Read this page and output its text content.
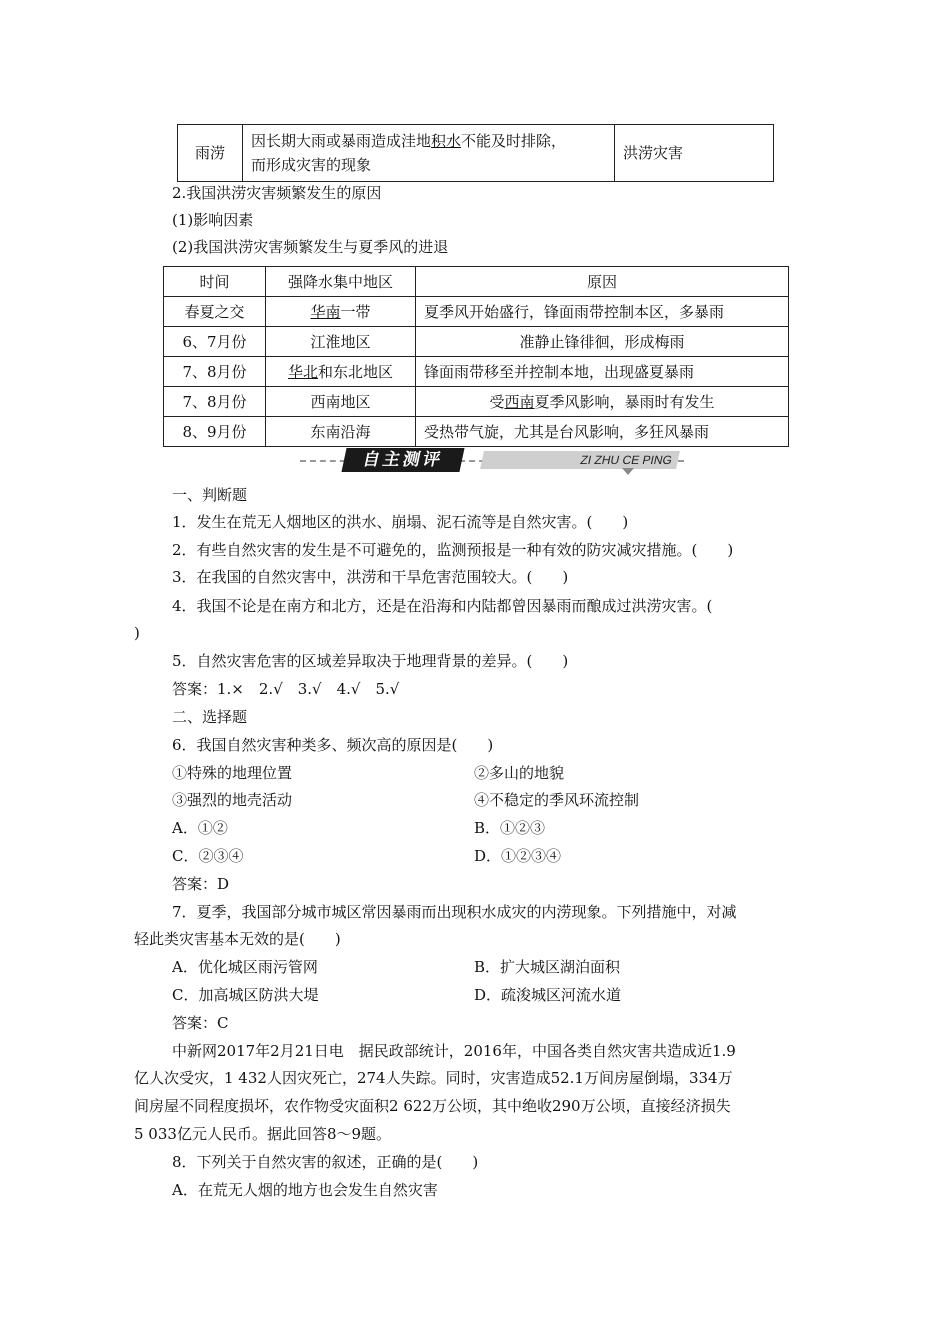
雨涝	因长期大雨或暴雨造成洼地积水不能及时排除，
而形成灾害的现象	洪涝灾害
2.我国洪涝灾害频繁发生的原因
(1)影响因素
(2)我国洪涝灾害频繁发生与夏季风的进退
时间	强降水集中地区	原因
春夏之交	华南一带	夏季风开始盛行，锋面雨带控制本区，多暴雨
6、7月份	江淮地区	准静止锋徘徊，形成梅雨
7、8月份	华北和东北地区	锋面雨带移至并控制本地，出现盛夏暴雨
7、8月份	西南地区	受西南夏季风影响，暴雨时有发生
8、9月份	东南沿海	受热带气旋，尤其是台风影响，多狂风暴雨
自主测评	ZI ZHU CE PING
一、判断题
1．发生在荒无人烟地区的洪水、崩塌、泥石流等是自然灾害。(　　)
2．有些自然灾害的发生是不可避免的，监测预报是一种有效的防灾减灾措施。(　　)
3．在我国的自然灾害中，洪涝和干旱危害范围较大。(　　)
4．我国不论是在南方和北方，还是在沿海和内陆都曾因暴雨而酿成过洪涝灾害。(
)
5．自然灾害危害的区域差异取决于地理背景的差异。(　　)
答案：1.×　2.√　3.√　4.√　5.√
二、选择题
6．我国自然灾害种类多、频次高的原因是(　　)
①特殊的地理位置	②多山的地貌
③强烈的地壳活动	④不稳定的季风环流控制
A．①②	B．①②③
C．②③④	D．①②③④
答案：D
7．夏季，我国部分城市城区常因暴雨而出现积水成灾的内涝现象。下列措施中，对减
轻此类灾害基本无效的是(　　)
A．优化城区雨污管网	B．扩大城区湖泊面积
C．加高城区防洪大堤	D．疏浚城区河流水道
答案：C
中新网2017年2月21日电　据民政部统计，2016年，中国各类自然灾害共造成近1.9
亿人次受灾，1 432人因灾死亡，274人失踪。同时，灾害造成52.1万间房屋倒塌，334万
间房屋不同程度损坏，农作物受灾面积2 622万公顷，其中绝收290万公顷，直接经济损失
5 033亿元人民币。据此回答8～9题。
8．下列关于自然灾害的叙述，正确的是(　　)
A．在荒无人烟的地方也会发生自然灾害
